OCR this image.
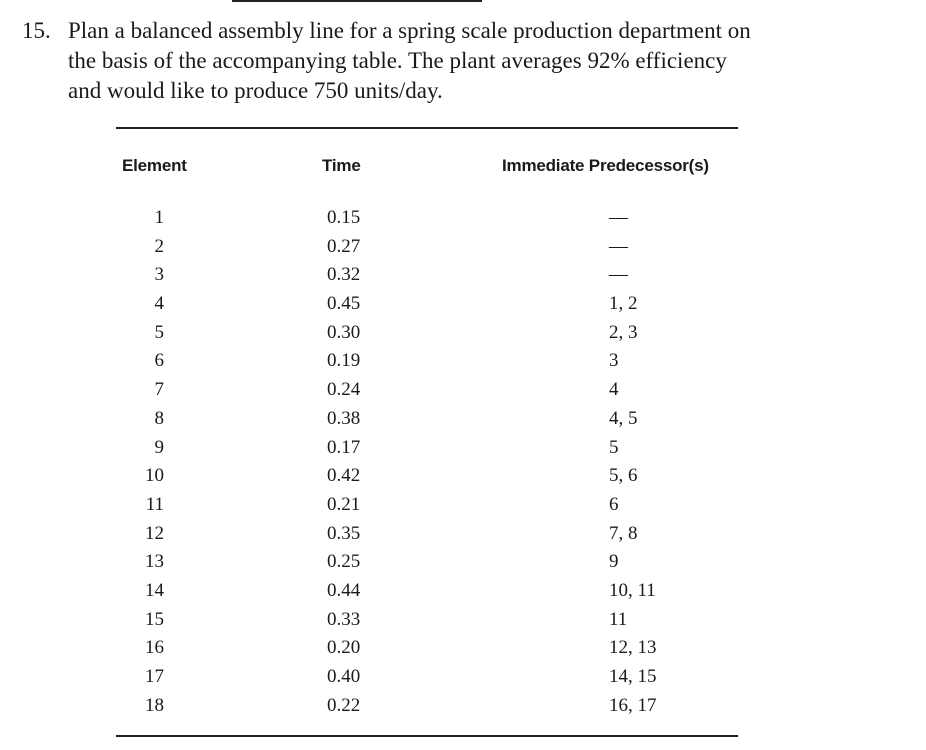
15. Plan a balanced assembly line for a spring scale production department on
the basis of the accompanying table. The plant averages 92% efficiency
and would like to produce 750 units/day.
Element	Time	Immediate Predecessor(s)
1	0.15	—
2	0.27	—
3	0.32	—
4	0.45	1, 2
5	0.30	2, 3
6	0.19	3
7	0.24	4
8	0.38	4, 5
9	0.17	5
10	0.42	5, 6
11	0.21	6
12	0.35	7, 8
13	0.25	9
14	0.44	10, 11
15	0.33	11
16	0.20	12, 13
17	0.40	14, 15
18	0.22	16, 17
